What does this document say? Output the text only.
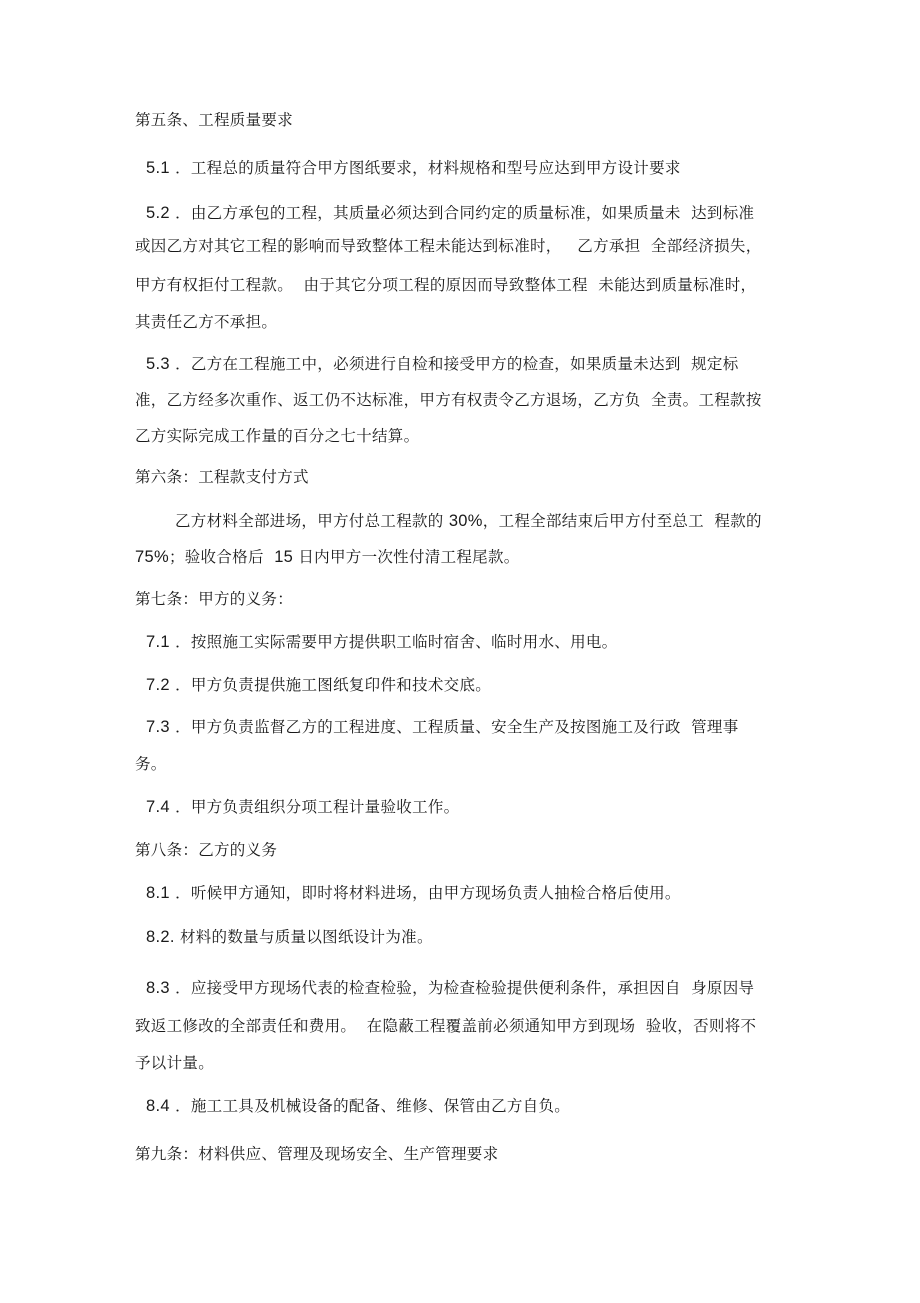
第五条、工程质量要求
5.1 ．工程总的质量符合甲方图纸要求，材料规格和型号应达到甲方设计要求
5.2 ．由乙方承包的工程，其质量必须达到合同约定的质量标准，如果质量未  达到标准
或因乙方对其它工程的影响而导致整体工程未能达到标准时，   乙方承担  全部经济损失，
甲方有权拒付工程款。  由于其它分项工程的原因而导致整体工程  未能达到质量标准时，
其责任乙方不承担。
5.3 ．乙方在工程施工中，必须进行自检和接受甲方的检查，如果质量未达到  规定标
准，乙方经多次重作、返工仍不达标准，甲方有权责令乙方退场，乙方负  全责。工程款按
乙方实际完成工作量的百分之七十结算。
第六条：工程款支付方式
乙方材料全部进场，甲方付总工程款的 30%，工程全部结束后甲方付至总工  程款的
75%；验收合格后  15 日内甲方一次性付清工程尾款。
第七条：甲方的义务：
7.1 ．按照施工实际需要甲方提供职工临时宿舍、临时用水、用电。
7.2 ．甲方负责提供施工图纸复印件和技术交底。
7.3 ．甲方负责监督乙方的工程进度、工程质量、安全生产及按图施工及行政  管理事
务。
7.4 ．甲方负责组织分项工程计量验收工作。
第八条：乙方的义务
8.1 ．听候甲方通知，即时将材料进场，由甲方现场负责人抽检合格后使用。
8.2. 材料的数量与质量以图纸设计为准。
8.3 ．应接受甲方现场代表的检查检验，为检查检验提供便利条件，承担因自  身原因导
致返工修改的全部责任和费用。  在隐蔽工程覆盖前必须通知甲方到现场  验收，否则将不
予以计量。
8.4 ．施工工具及机械设备的配备、维修、保管由乙方自负。
第九条：材料供应、管理及现场安全、生产管理要求
